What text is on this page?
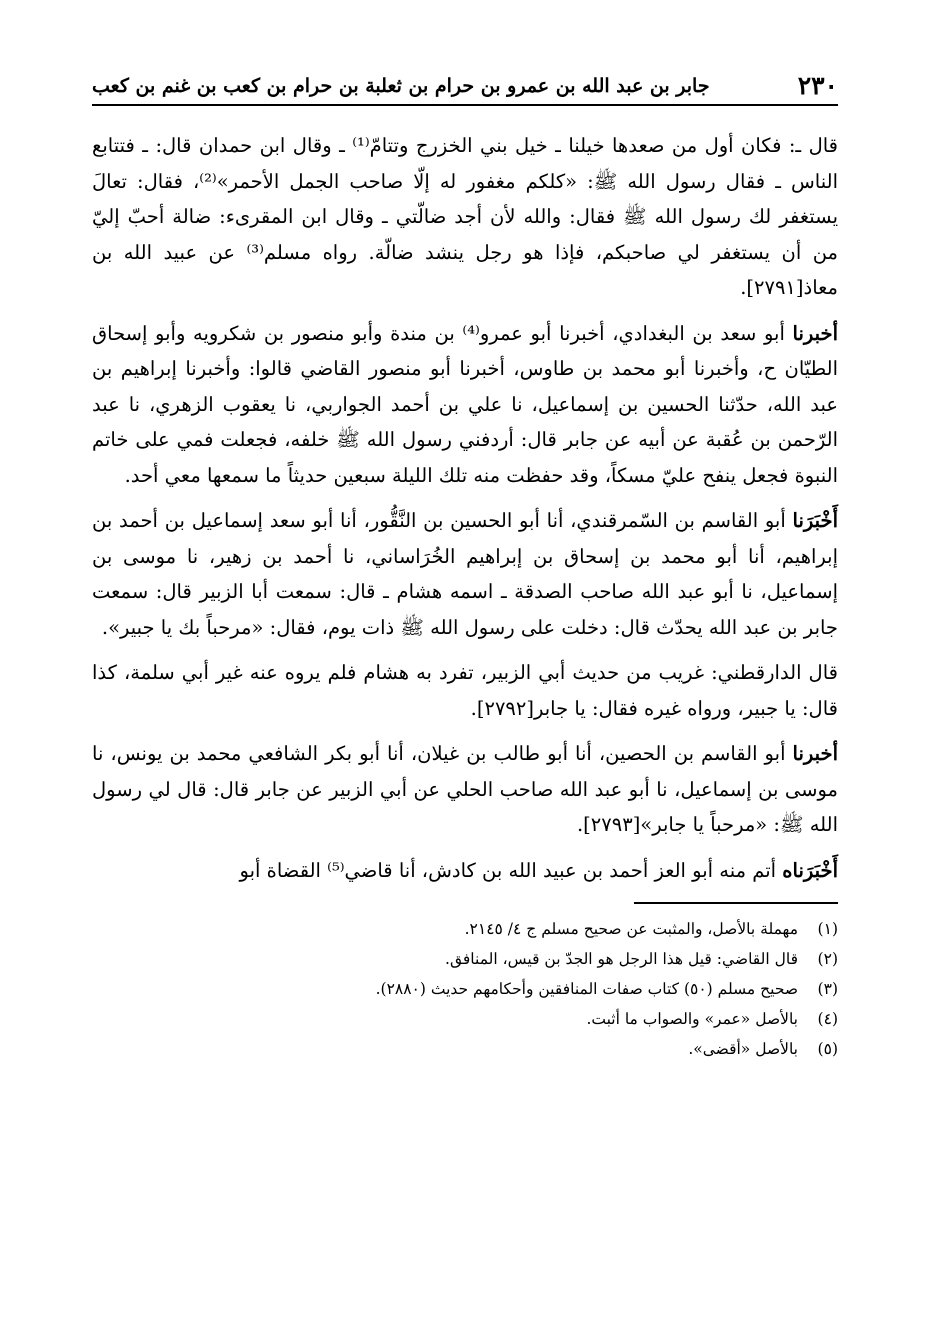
٢٣٠
جابر بن عبد الله بن عمرو بن حرام بن ثعلبة بن حرام بن كعب بن غنم بن كعب

قال ـ: فكان أول من صعدها خيلنا ـ خيل بني الخزرج وتتامّ⁽¹⁾ ـ وقال ابن حمدان قال: ـ فتتابع الناس ـ فقال رسول الله ﷺ: «كلكم مغفور له إلّا صاحب الجمل الأحمر»⁽²⁾، فقال: تعالَ يستغفر لك رسول الله ﷺ فقال: والله لأن أجد ضالّتي ـ وقال ابن المقرىء: ضالة أحبّ إليّ من أن يستغفر لي صاحبكم، فإذا هو رجل ينشد ضالّة. رواه مسلم⁽³⁾ عن عبيد الله بن معاذ[٢٧٩١].

أخبرنا أبو سعد بن البغدادي، أخبرنا أبو عمرو⁽⁴⁾ بن مندة وأبو منصور بن شكرويه وأبو إسحاق الطيّان ح، وأخبرنا أبو محمد بن طاوس، أخبرنا أبو منصور القاضي قالوا: وأخبرنا إبراهيم بن عبد الله، حدّثنا الحسين بن إسماعيل، نا علي بن أحمد الجواربي، نا يعقوب الزهري، نا عبد الرّحمن بن عُقبة عن أبيه عن جابر قال: أردفني رسول الله ﷺ خلفه، فجعلت فمي على خاتم النبوة فجعل ينفح عليّ مسكاً، وقد حفظت منه تلك الليلة سبعين حديثاً ما سمعها معي أحد.

أَخْبَرَنا أبو القاسم بن السّمرقندي، أنا أبو الحسين بن النَّقُّور، أنا أبو سعد إسماعيل بن أحمد بن إبراهيم، أنا أبو محمد بن إسحاق بن إبراهيم الخُرَاساني، نا أحمد بن زهير، نا موسى بن إسماعيل، نا أبو عبد الله صاحب الصدقة ـ اسمه هشام ـ قال: سمعت أبا الزبير قال: سمعت جابر بن عبد الله يحدّث قال: دخلت على رسول الله ﷺ ذات يوم، فقال: «مرحباً بك يا جبير».

قال الدارقطني: غريب من حديث أبي الزبير، تفرد به هشام فلم يروه عنه غير أبي سلمة، كذا قال: يا جبير، ورواه غيره فقال: يا جابر[٢٧٩٢].

أخبرنا أبو القاسم بن الحصين، أنا أبو طالب بن غيلان، أنا أبو بكر الشافعي محمد بن يونس، نا موسى بن إسماعيل، نا أبو عبد الله صاحب الحلي عن أبي الزبير عن جابر قال: قال لي رسول الله ﷺ: «مرحباً يا جابر»[٢٧٩٣].

أَخْبَرَناه أتم منه أبو العز أحمد بن عبيد الله بن كادش، أنا قاضي⁽⁵⁾ القضاة أبو

(١)
مهملة بالأصل، والمثبت عن صحيح مسلم ج ٤/ ٢١٤٥.
(٢)
قال القاضي: قيل هذا الرجل هو الجدّ بن قيس، المنافق.
(٣)
صحيح مسلم (٥٠) كتاب صفات المنافقين وأحكامهم حديث (٢٨٨٠).
(٤)
بالأصل «عمر» والصواب ما أثبت.
(٥)
بالأصل «أقضى».
